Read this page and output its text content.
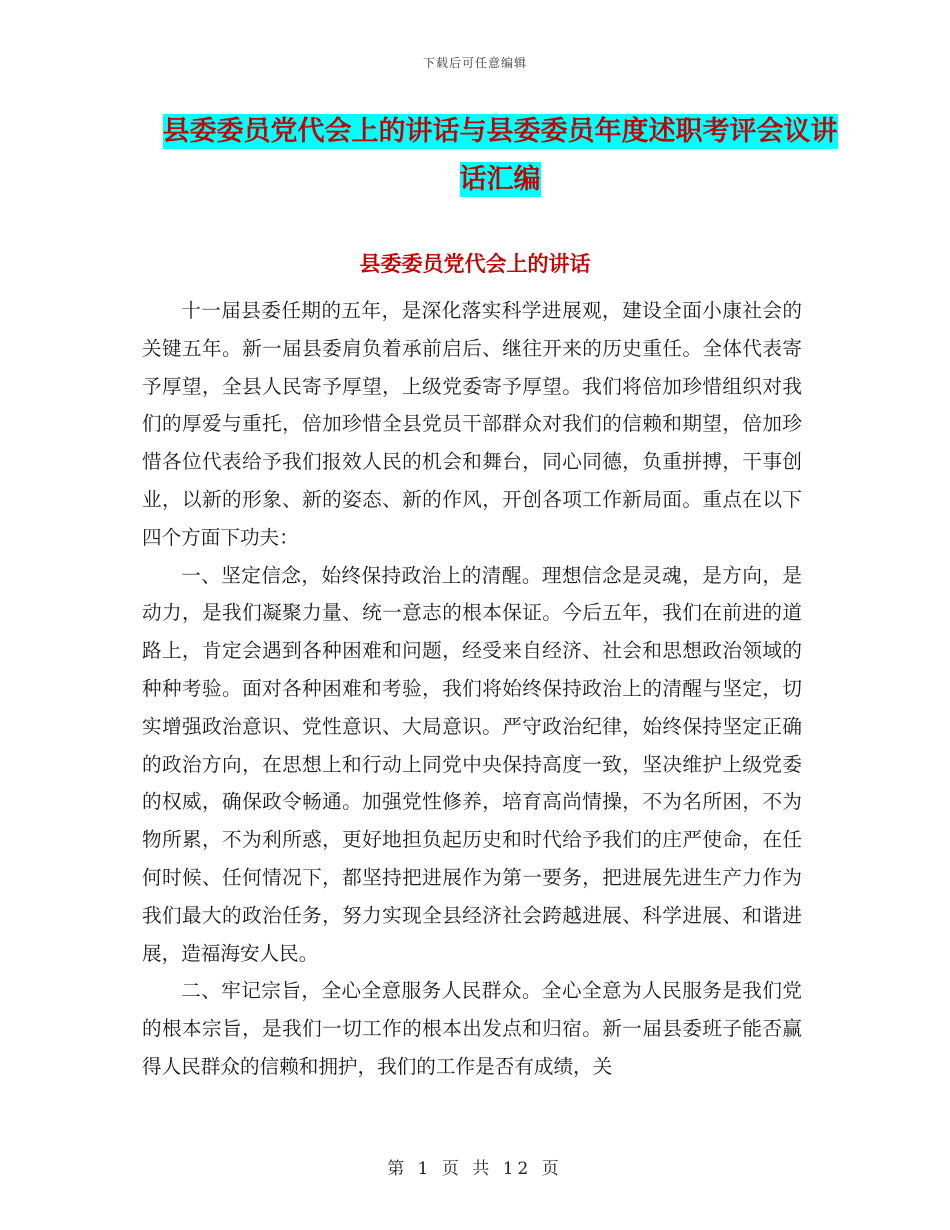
下载后可任意编辑
县委委员党代会上的讲话与县委委员年度述职考评会议讲话汇编
县委委员党代会上的讲话

十一届县委任期的五年，是深化落实科学进展观，建设全面小康社会的关键五年。新一届县委肩负着承前启后、继往开来的历史重任。全体代表寄予厚望，全县人民寄予厚望，上级党委寄予厚望。我们将倍加珍惜组织对我们的厚爱与重托，倍加珍惜全县党员干部群众对我们的信赖和期望，倍加珍惜各位代表给予我们报效人民的机会和舞台，同心同德，负重拼搏，干事创业，以新的形象、新的姿态、新的作风，开创各项工作新局面。重点在以下四个方面下功夫：

一、坚定信念，始终保持政治上的清醒。理想信念是灵魂，是方向，是动力，是我们凝聚力量、统一意志的根本保证。今后五年，我们在前进的道路上，肯定会遇到各种困难和问题，经受来自经济、社会和思想政治领域的种种考验。面对各种困难和考验，我们将始终保持政治上的清醒与坚定，切实增强政治意识、党性意识、大局意识。严守政治纪律，始终保持坚定正确的政治方向，在思想上和行动上同党中央保持高度一致，坚决维护上级党委的权威，确保政令畅通。加强党性修养，培育高尚情操，不为名所困，不为物所累，不为利所惑，更好地担负起历史和时代给予我们的庄严使命，在任何时候、任何情况下，都坚持把进展作为第一要务，把进展先进生产力作为我们最大的政治任务，努力实现全县经济社会跨越进展、科学进展、和谐进展，造福海安人民。

二、牢记宗旨，全心全意服务人民群众。全心全意为人民服务是我们党的根本宗旨，是我们一切工作的根本出发点和归宿。新一届县委班子能否赢得人民群众的信赖和拥护，我们的工作是否有成绩，关

第 1 页 共 12 页
